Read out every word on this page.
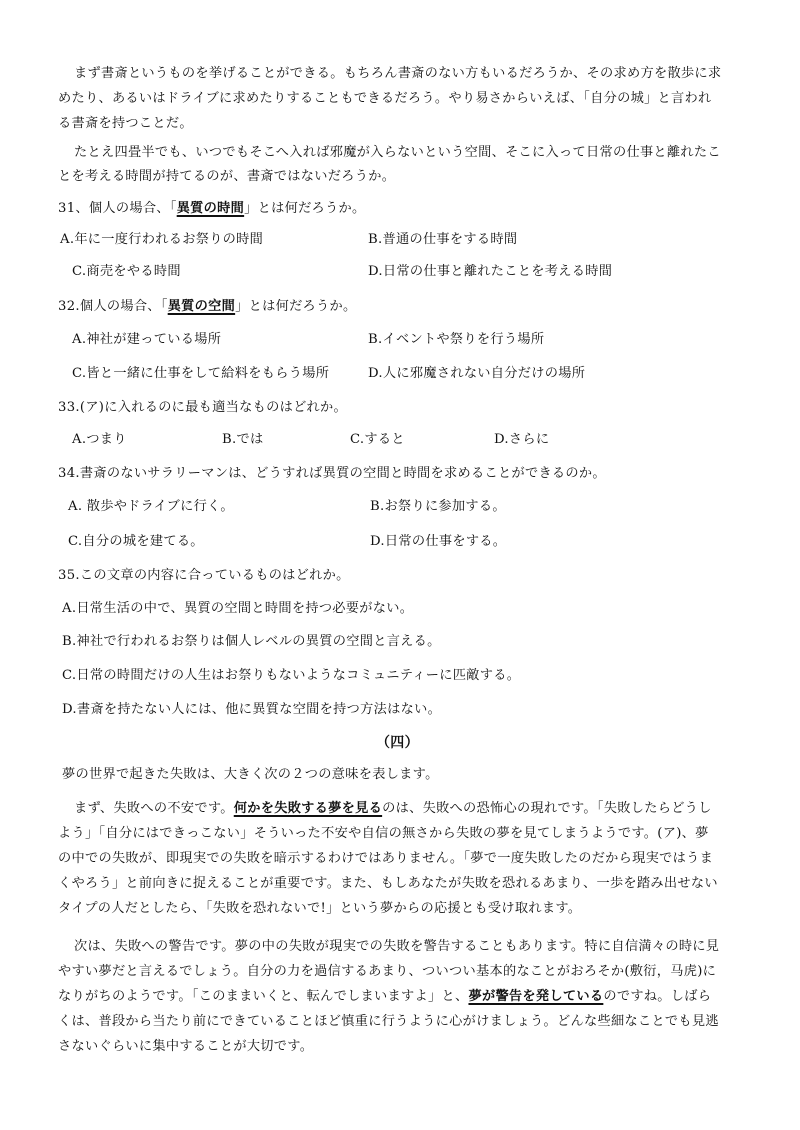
まず書斎というものを挙げることができる。もちろん書斎のない方もいるだろうか、その求め方を散歩に求
めたり、あるいはドライブに求めたりすることもできるだろう。やり易さからいえば、「自分の城」と言われ
る書斎を持つことだ。
たとえ四畳半でも、いつでもそこへ入れば邪魔が入らないという空間、そこに入って日常の仕事と離れたこ
とを考える時間が持てるのが、書斎ではないだろうか。
31、個人の場合、「異質の時間」とは何だろうか。
A.年に一度行われるお祭りの時間	B.普通の仕事をする時間
C.商売をやる時間	D.日常の仕事と離れたことを考える時間
32.個人の場合、「異質の空間」とは何だろうか。
A.神社が建っている場所	B.イベントや祭りを行う場所
C.皆と一緒に仕事をして給料をもらう場所	D.人に邪魔されない自分だけの場所
33.(ア)に入れるのに最も適当なものはどれか。
A.つまり	B.では	C.すると	D.さらに
34.書斎のないサラリーマンは、どうすれば異質の空間と時間を求めることができるのか。
A. 散歩やドライブに行く。	B.お祭りに参加する。
C.自分の城を建てる。	D.日常の仕事をする。
35.この文章の内容に合っているものはどれか。
A.日常生活の中で、異質の空間と時間を持つ必要がない。
B.神社で行われるお祭りは個人レベルの異質の空間と言える。
C.日常の時間だけの人生はお祭りもないようなコミュニティーに匹敵する。
D.書斎を持たない人には、他に異質な空間を持つ方法はない。
（四）
夢の世界で起きた失敗は、大きく次の２つの意味を表します。
まず、失敗への不安です。何かを失敗する夢を見るのは、失敗への恐怖心の現れです。「失敗したらどうし
よう」「自分にはできっこない」そういった不安や自信の無さから失敗の夢を見てしまうようです。(ア)、夢
の中での失敗が、即現実での失敗を暗示するわけではありません。「夢で一度失敗したのだから現実ではうま
くやろう」と前向きに捉えることが重要です。また、もしあなたが失敗を恐れるあまり、一歩を踏み出せない
タイプの人だとしたら、「失敗を恐れないで!」という夢からの応援とも受け取れます。
次は、失敗への警告です。夢の中の失敗が現実での失敗を警告することもあります。特に自信満々の時に見
やすい夢だと言えるでしょう。自分の力を過信するあまり、ついつい基本的なことがおろそか(敷衍，马虎)に
なりがちのようです。「このままいくと、転んでしまいますよ」と、夢が警告を発しているのですね。しばら
くは、普段から当たり前にできていることほど慎重に行うように心がけましょう。どんな些細なことでも見逃
さないぐらいに集中することが大切です。
